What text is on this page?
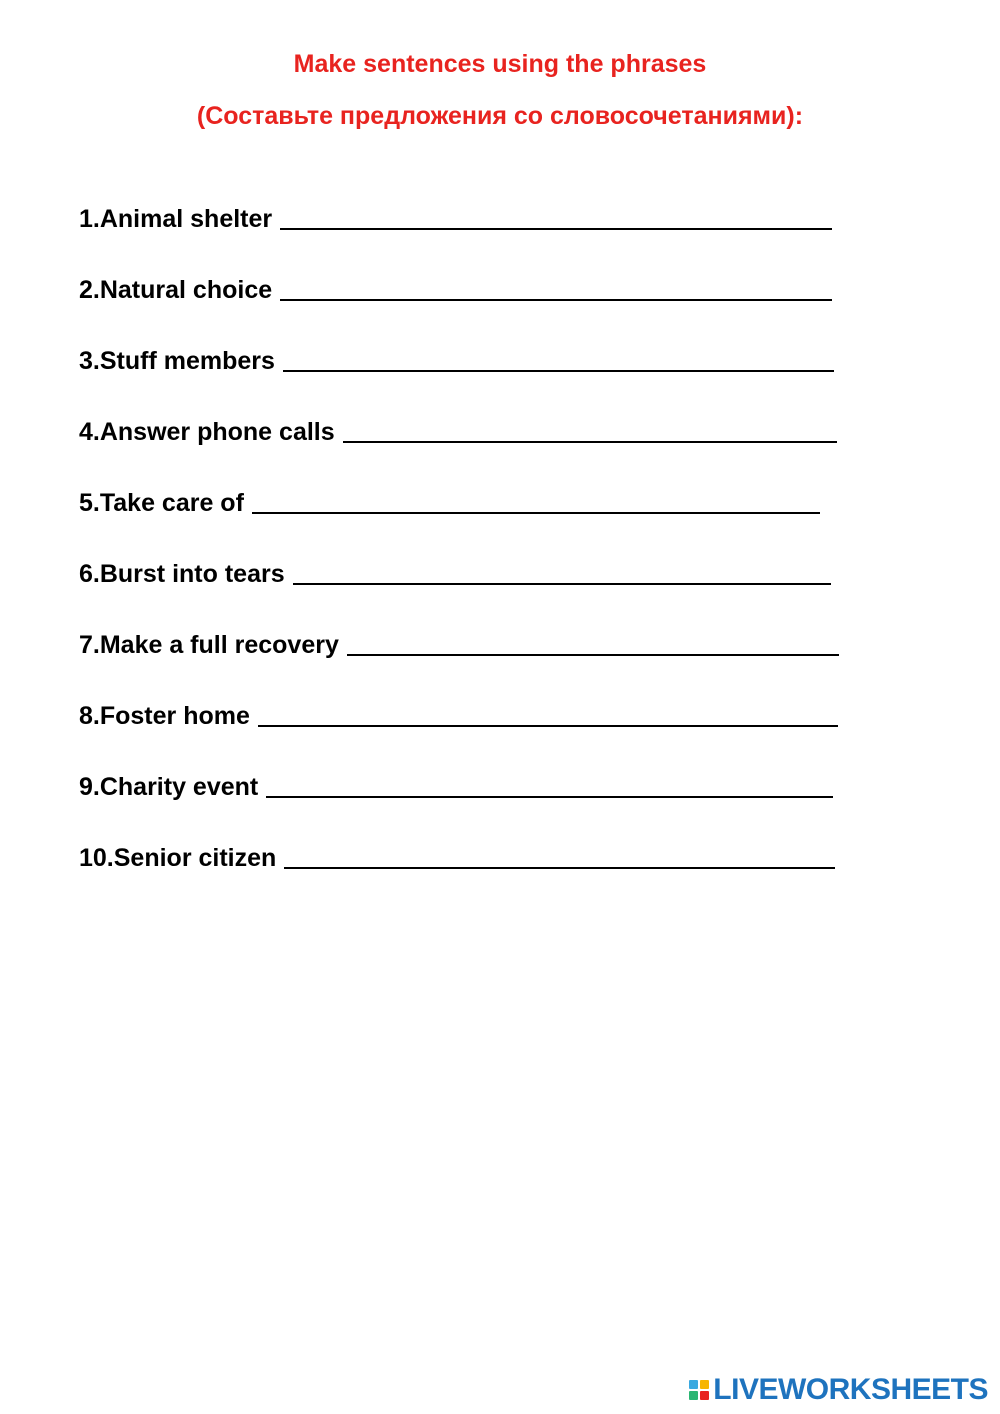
Make sentences using the phrases
(Составьте предложения со словосочетаниями):
1.Animal shelter
2.Natural choice
3.Stuff members
4.Answer phone calls
5.Take care of
6.Burst into tears
7.Make a full recovery
8.Foster home
9.Charity event
10.Senior citizen
LIVEWORKSHEETS
